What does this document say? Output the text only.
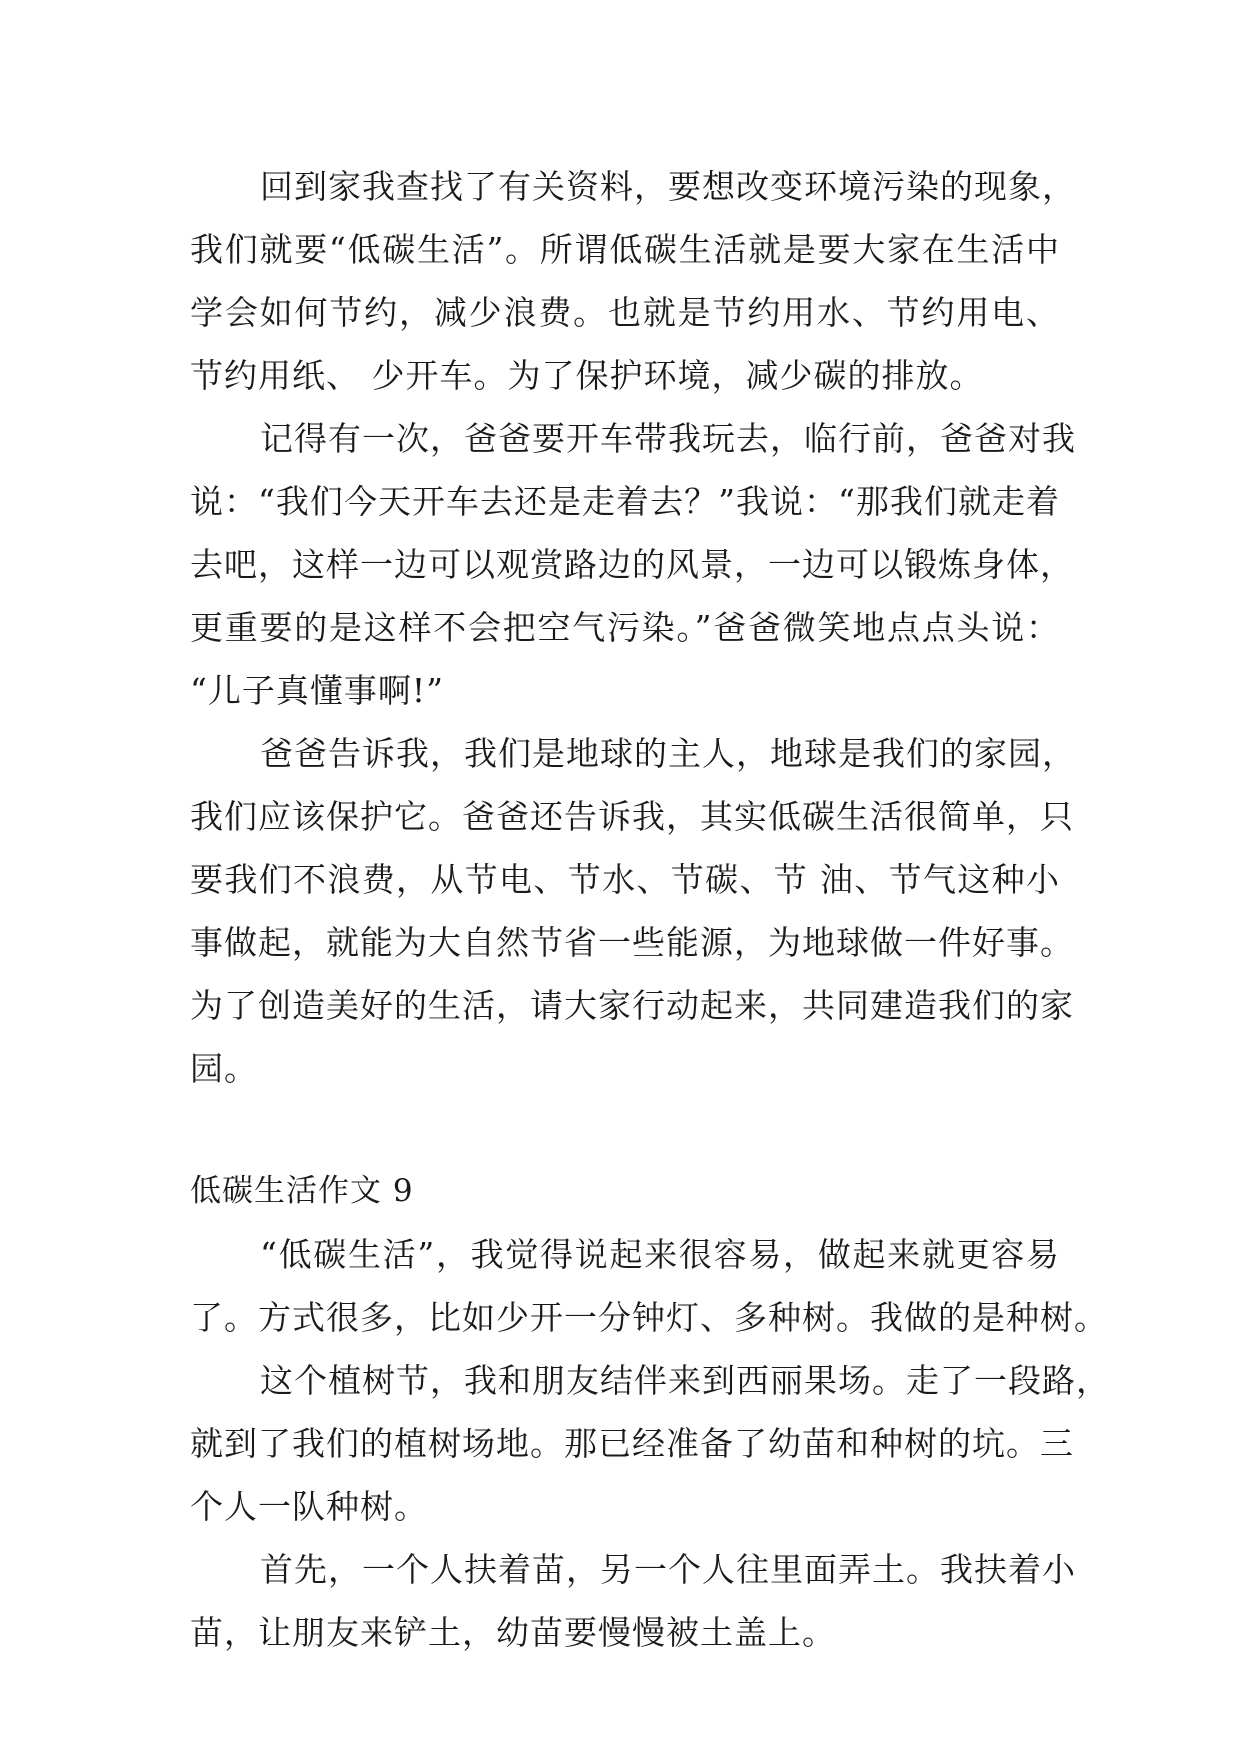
回到家我查找了有关资料，要想改变环境污染的现象，
我们就要“低碳生活”。所谓低碳生活就是要大家在生活中
学会如何节约，减少浪费。也就是节约用水、节约用电、
节约用纸、 少开车。为了保护环境，减少碳的排放。
记得有一次，爸爸要开车带我玩去，临行前，爸爸对我
说：“我们今天开车去还是走着去？”我说：“那我们就走着
去吧，这样一边可以观赏路边的风景，一边可以锻炼身体，
更重要的是这样不会把空气污染。”爸爸微笑地点点头说：
“儿子真懂事啊!”
爸爸告诉我，我们是地球的主人，地球是我们的家园，
我们应该保护它。爸爸还告诉我，其实低碳生活很简单，只
要我们不浪费，从节电、节水、节碳、节 油、节气这种小
事做起，就能为大自然节省一些能源，为地球做一件好事。
为了创造美好的生活，请大家行动起来，共同建造我们的家
园。
低碳生活作文 9
“低碳生活”，我觉得说起来很容易，做起来就更容易
了。方式很多，比如少开一分钟灯、多种树。我做的是种树。
这个植树节，我和朋友结伴来到西丽果场。走了一段路，
就到了我们的植树场地。那已经准备了幼苗和种树的坑。三
个人一队种树。
首先，一个人扶着苗，另一个人往里面弄土。我扶着小
苗，让朋友来铲土，幼苗要慢慢被土盖上。
